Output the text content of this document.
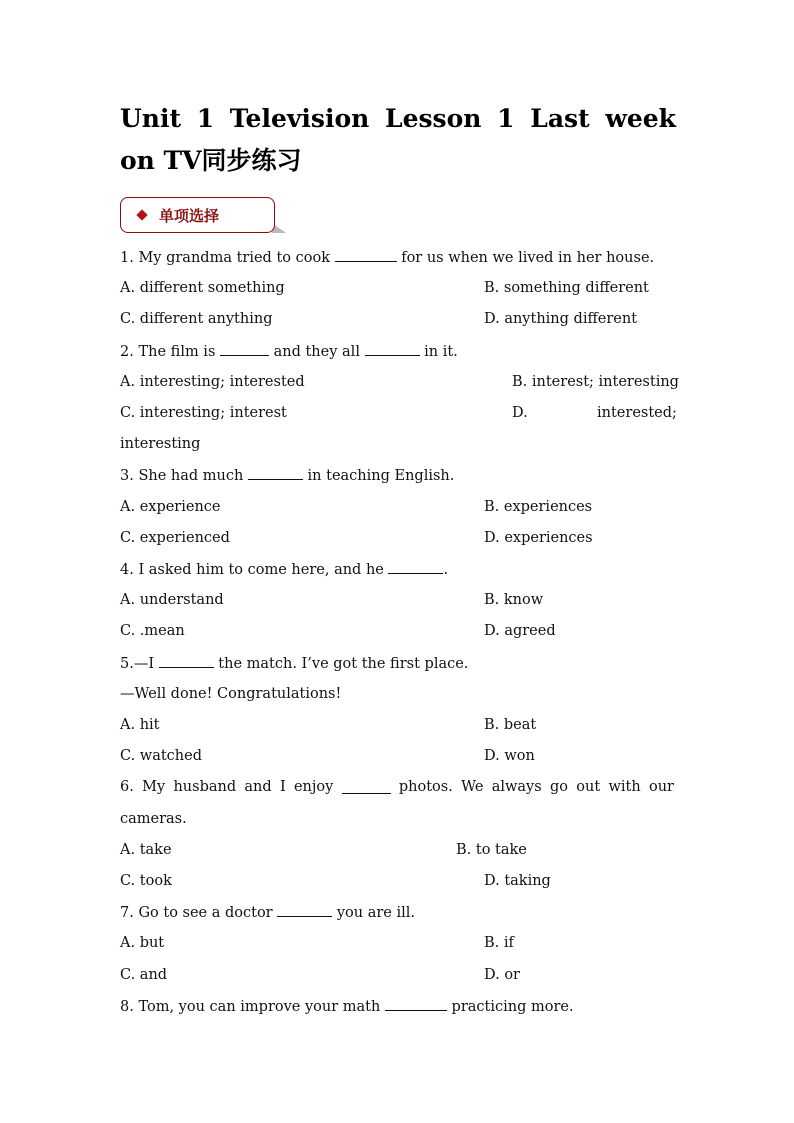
Unit 1 Television Lesson 1 Last week on TV同步练习
单项选择
1. My grandma tried to cook	for us when we lived in her house.
A. different something	B. something different
C. different anything	D. anything different
2. The film is	and they all	in it.
A. interesting; interested	B. interest; interesting
C. interesting; interest	D.	interested;
interesting
3. She had much	in teaching English.
A. experience	B. experiences
C. experienced	D. experiences
4. I asked him to come here, and he	.
A. understand	B. know
C. .mean	D. agreed
5.—I	the match. I’ve got the first place.
—Well done! Congratulations!
A. hit	B. beat
C. watched	D. won
6. My husband and I enjoy	photos. We always go out with our
cameras.
A. take	B. to take
C. took	D. taking
7. Go to see a doctor	you are ill.
A. but	B. if
C. and	D. or
8. Tom, you can improve your math	practicing more.
